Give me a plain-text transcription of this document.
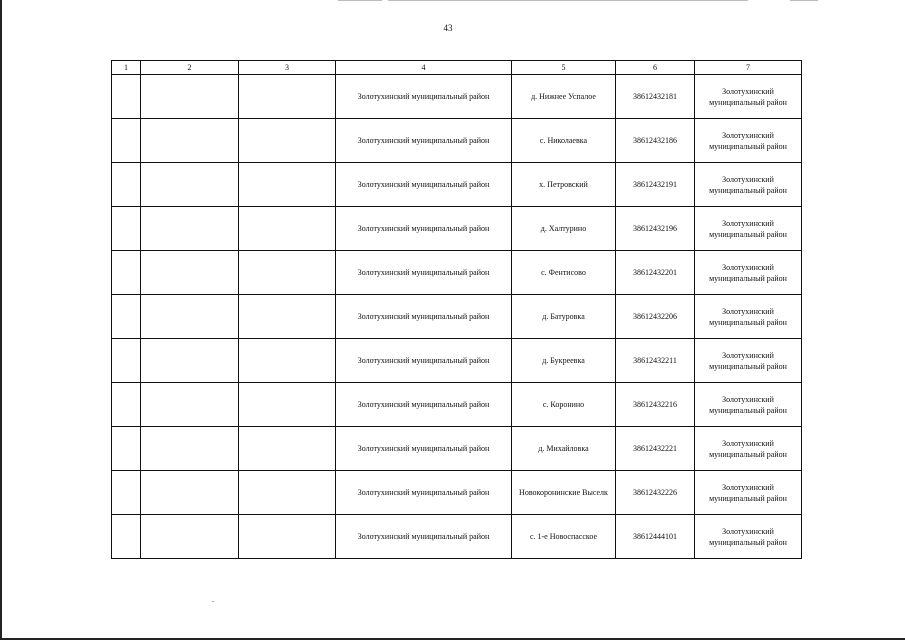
43
1	2	3	4	5	6	7
			Золотухинский муниципальный район	д. Нижнее Успалое	38612432181	Золотухинский муниципальный район
			Золотухинский муниципальный район	с. Николаевка	38612432186	Золотухинский муниципальный район
			Золотухинский муниципальный район	х. Петровский	38612432191	Золотухинский муниципальный район
			Золотухинский муниципальный район	д. Халтурино	38612432196	Золотухинский муниципальный район
			Золотухинский муниципальный район	с. Фентисово	38612432201	Золотухинский муниципальный район
			Золотухинский муниципальный район	д. Батуровка	38612432206	Золотухинский муниципальный район
			Золотухинский муниципальный район	д. Букреевка	38612432211	Золотухинский муниципальный район
			Золотухинский муниципальный район	с. Коронино	38612432216	Золотухинский муниципальный район
			Золотухинский муниципальный район	д. Михайловка	38612432221	Золотухинский муниципальный район
			Золотухинский муниципальный район	Новокоронинские Выселк	38612432226	Золотухинский муниципальный район
			Золотухинский муниципальный район	с. 1-е Новоспасское	38612444101	Золотухинский муниципальный район
